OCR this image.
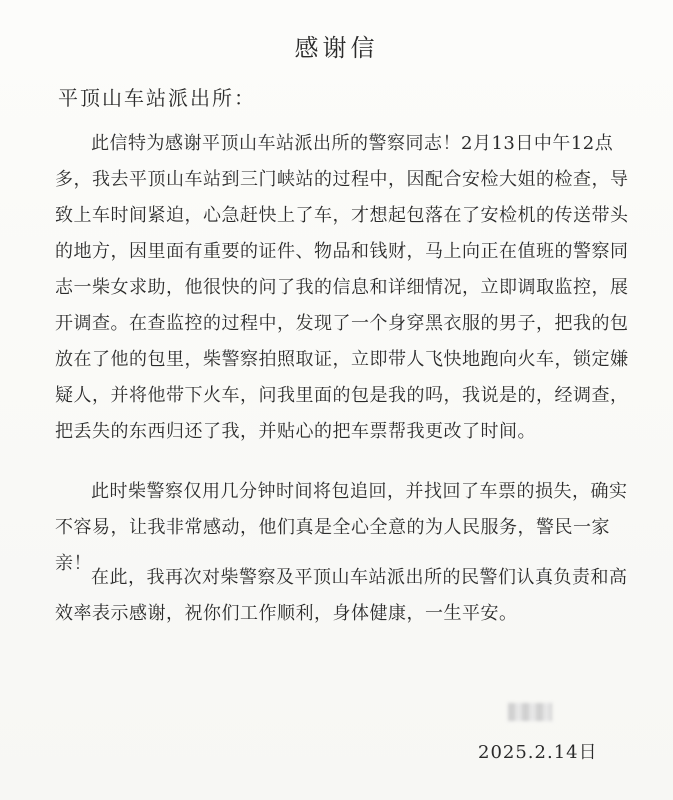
感谢信
平顶山车站派出所：

此信特为感谢平顶山车站派出所的警察同志！2月13日中午12点多，我去平顶山车站到三门峡站的过程中，因配合安检大姐的检查，导致上车时间紧迫，心急赶快上了车，才想起包落在了安检机的传送带头的地方，因里面有重要的证件、物品和钱财，马上向正在值班的警察同志一柴女求助，他很快的问了我的信息和详细情况，立即调取监控，展开调查。在查监控的过程中，发现了一个身穿黑衣服的男子，把我的包放在了他的包里，柴警察拍照取证，立即带人飞快地跑向火车，锁定嫌疑人，并将他带下火车，问我里面的包是我的吗，我说是的，经调查，把丢失的东西归还了我，并贴心的把车票帮我更改了时间。

此时柴警察仅用几分钟时间将包追回，并找回了车票的损失，确实不容易，让我非常感动，他们真是全心全意的为人民服务，警民一家亲！

在此，我再次对柴警察及平顶山车站派出所的民警们认真负责和高效率表示感谢，祝你们工作顺利，身体健康，一生平安。

2025.2.14日
